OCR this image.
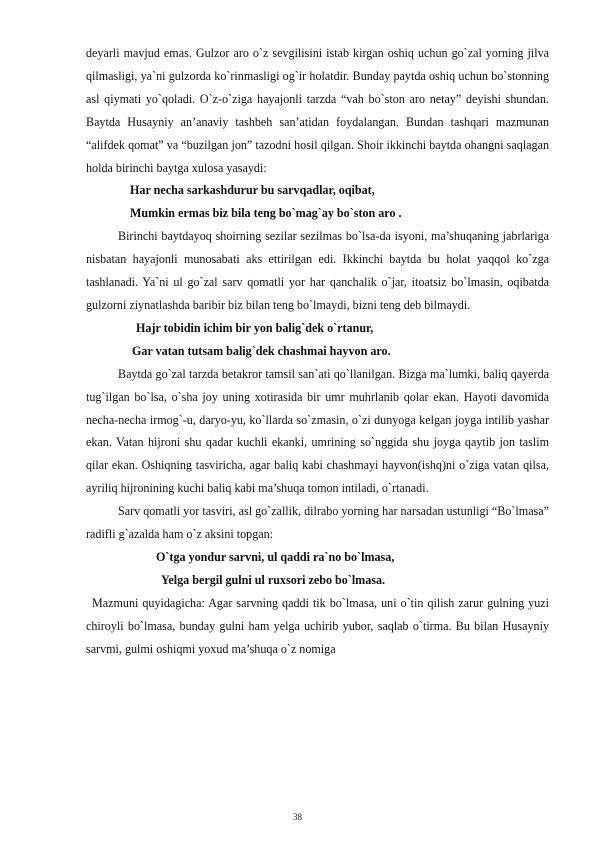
deyarli mavjud emas. Gulzor aro o`z sevgilisini istab kirgan oshiq uchun go`zal yorning jilva qilmasligi, ya`ni gulzorda ko`rinmasligi og`ir holatdir. Bunday paytda oshiq uchun bo`stonning asl qiymati yo`qoladi. O`z-o`ziga hayajonli tarzda “vah bo`ston aro netay” deyishi shundan. Baytda Husayniy an’anaviy tashbeh san’atidan foydalangan. Bundan tashqari mazmunan “alifdek qomat” va “buzilgan jon” tazodni hosil qilgan. Shoir ikkinchi baytda ohangni saqlagan holda birinchi baytga xulosa yasaydi:

Har necha sarkashdurur bu sarvqadlar, oqibat,

Mumkin ermas biz bila teng bo`mag`ay bo`ston aro .

Birinchi baytdayoq shoirning sezilar sezilmas bo`lsa-da isyoni, ma’shuqaning jabrlariga nisbatan hayajonli munosabati aks ettirilgan edi. Ikkinchi baytda bu holat yaqqol ko`zga tashlanadi. Ya`ni ul go`zal sarv qomatli yor har qanchalik o`jar, itoatsiz bo`lmasin, oqibatda gulzorni ziynatlashda baribir biz bilan teng bo`lmaydi, bizni teng deb bilmaydi.

Hajr tobidin ichim bir yon balig`dek o`rtanur,

Gar vatan tutsam balig`dek chashmai hayvon aro.

Baytda go`zal tarzda betakror tamsil san`ati qo`llanilgan. Bizga ma`lumki, baliq qayerda tug`ilgan bo`lsa, o`sha joy uning xotirasida bir umr muhrlanib qolar ekan. Hayoti davomida necha-necha irmog`-u, daryo-yu, ko`llarda so`zmasin, o`zi dunyoga kelgan joyga intilib yashar ekan. Vatan hijroni shu qadar kuchli ekanki, umrining so`nggida shu joyga qaytib jon taslim qilar ekan. Oshiqning tasviricha, agar baliq kabi chashmayi hayvon(ishq)ni o`ziga vatan qilsa, ayriliq hijronining kuchi baliq kabi ma’shuqa tomon intiladi, o`rtanadi.

Sarv qomatli yor tasviri, asl go`zallik, dilrabo yorning har narsadan ustunligi “Bo`lmasa” radifli g`azalda ham o`z aksini topgan:

O`tga yondur sarvni, ul qaddi ra`no bo`lmasa,

Yelga bergil gulni ul ruxsori zebo bo`lmasa.

Mazmuni quyidagicha: Agar sarvning qaddi tik bo`lmasa, uni o`tin qilish zarur gulning yuzi chiroyli bo`lmasa, bunday gulni ham yelga uchirib yubor, saqlab o`tirma. Bu bilan Husayniy sarvmi, gulmi oshiqmi yoxud ma’shuqa o`z nomiga

38
